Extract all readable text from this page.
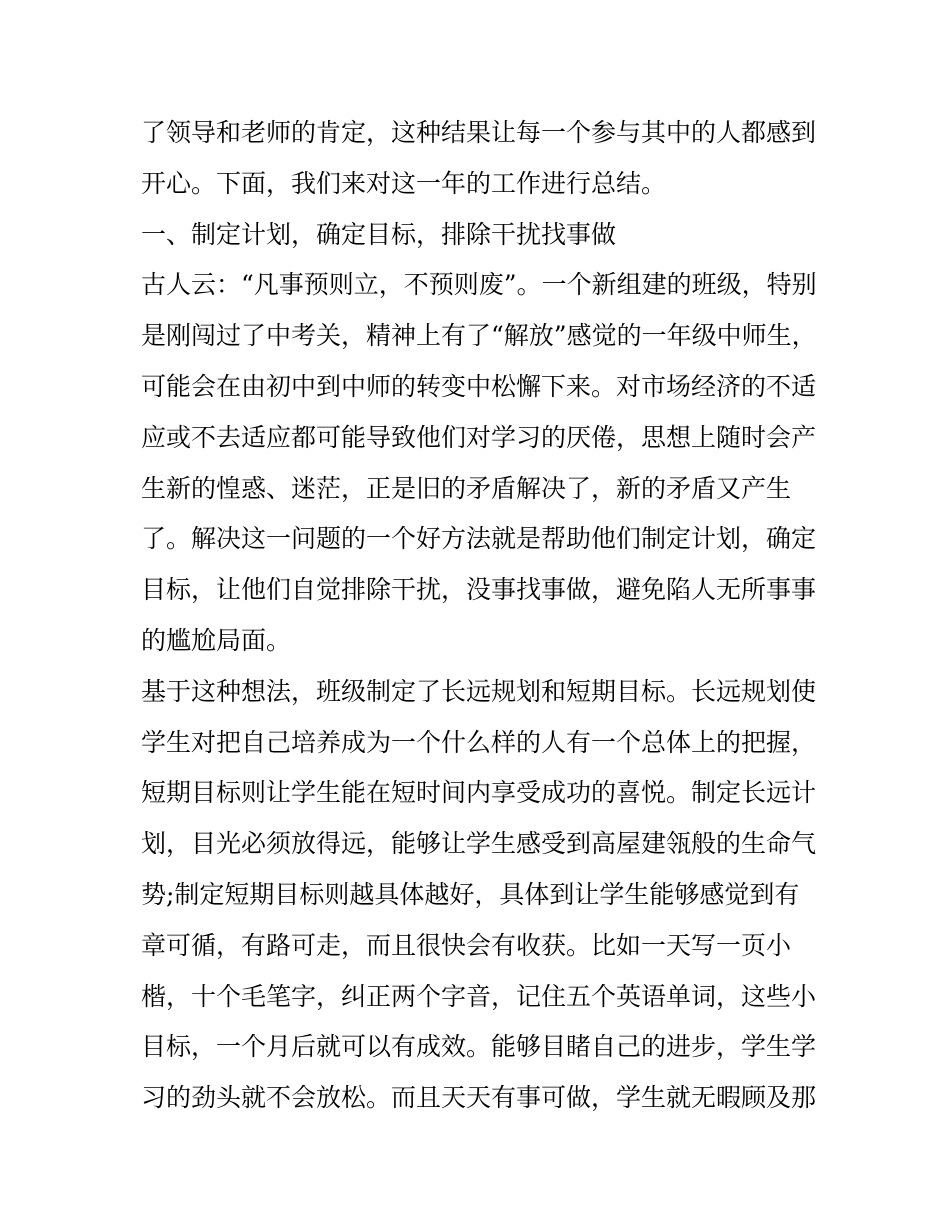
了领导和老师的肯定，这种结果让每一个参与其中的人都感到
开心。下面，我们来对这一年的工作进行总结。
一、制定计划，确定目标，排除干扰找事做
古人云：“凡事预则立，不预则废”。一个新组建的班级，特别
是刚闯过了中考关，精神上有了“解放”感觉的一年级中师生，
可能会在由初中到中师的转变中松懈下来。对市场经济的不适
应或不去适应都可能导致他们对学习的厌倦，思想上随时会产
生新的惶惑、迷茫，正是旧的矛盾解决了，新的矛盾又产生
了。解决这一问题的一个好方法就是帮助他们制定计划，确定
目标，让他们自觉排除干扰，没事找事做，避免陷人无所事事
的尴尬局面。
基于这种想法，班级制定了长远规划和短期目标。长远规划使
学生对把自己培养成为一个什么样的人有一个总体上的把握，
短期目标则让学生能在短时间内享受成功的喜悦。制定长远计
划，目光必须放得远，能够让学生感受到高屋建瓴般的生命气
势;制定短期目标则越具体越好，具体到让学生能够感觉到有
章可循，有路可走，而且很快会有收获。比如一天写一页小
楷，十个毛笔字，纠正两个字音，记住五个英语单词，这些小
目标，一个月后就可以有成效。能够目睹自己的进步，学生学
习的劲头就不会放松。而且天天有事可做，学生就无暇顾及那
